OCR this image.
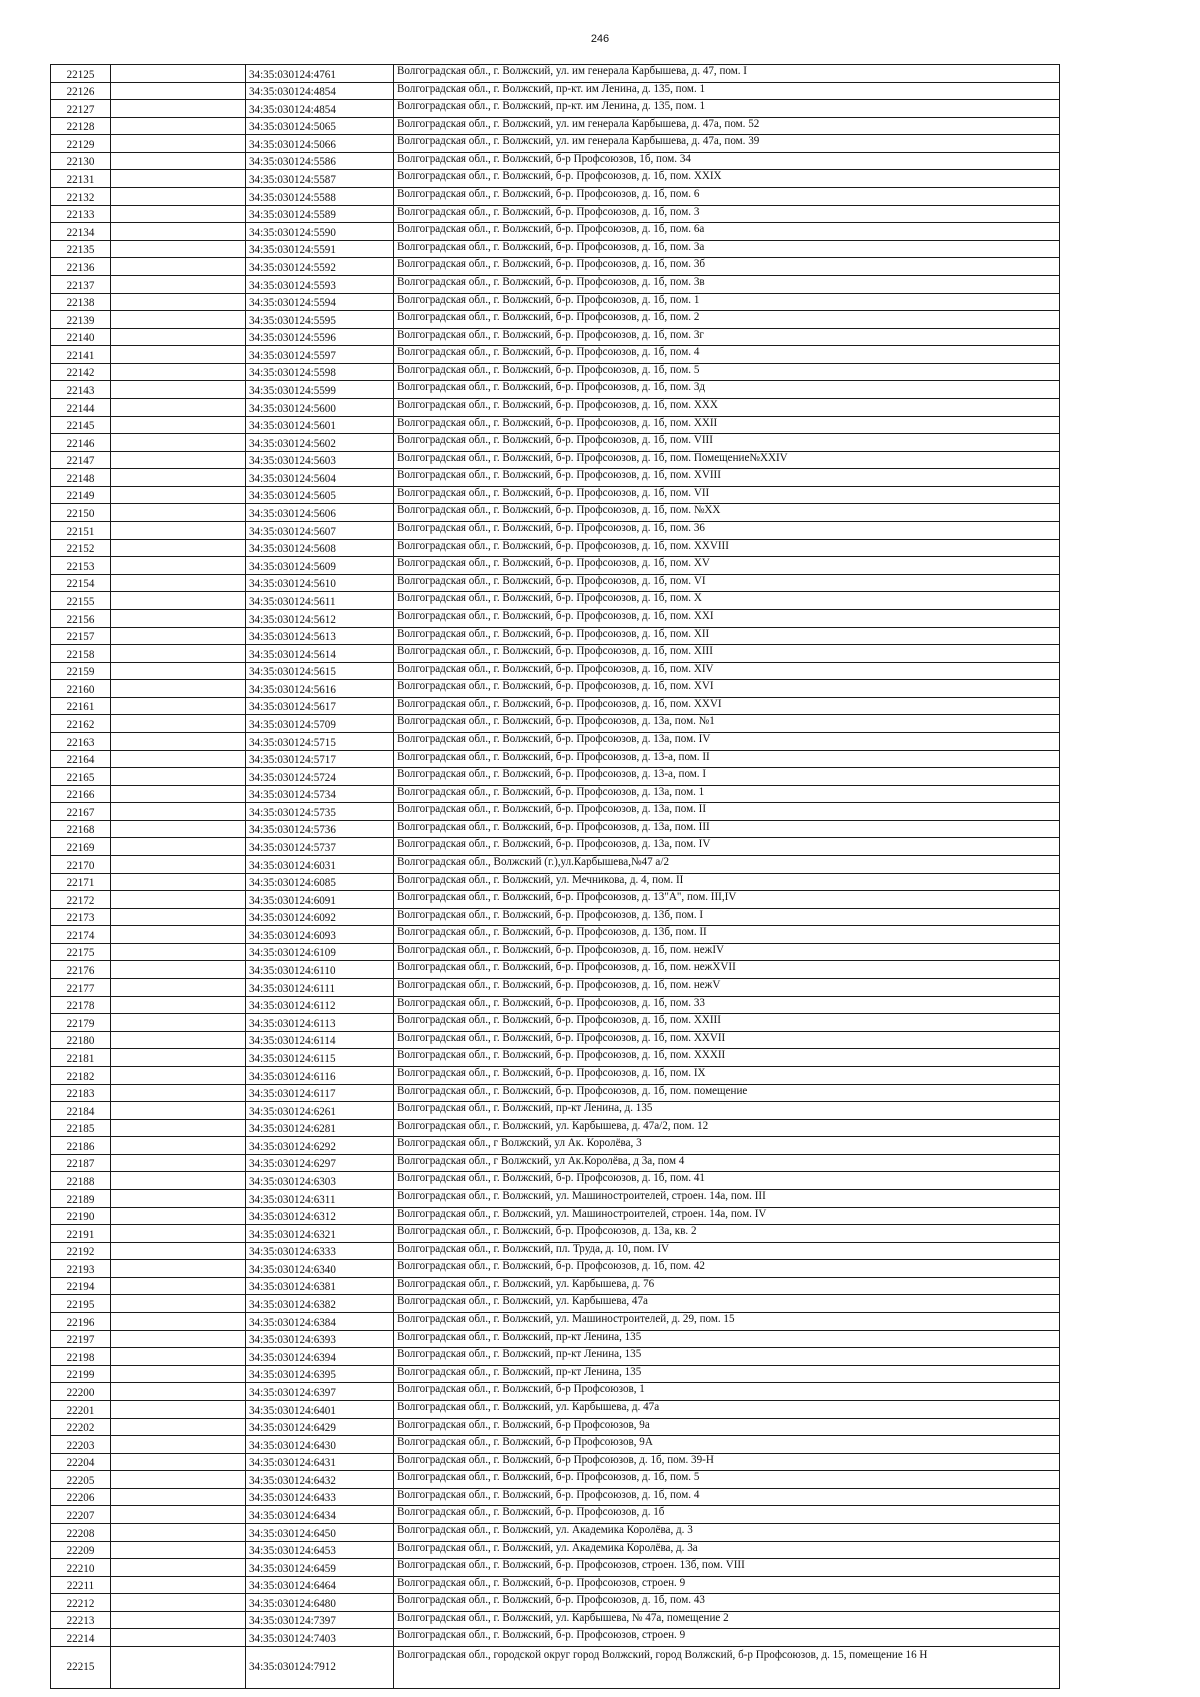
246
22125		34:35:030124:4761	Волгоградская обл., г. Волжский, ул. им генерала Карбышева, д. 47, пом. I
22126		34:35:030124:4854	Волгоградская обл., г. Волжский, пр-кт. им Ленина, д. 135, пом. 1
22127		34:35:030124:4854	Волгоградская обл., г. Волжский, пр-кт. им Ленина, д. 135, пом. 1
22128		34:35:030124:5065	Волгоградская обл., г. Волжский, ул. им генерала Карбышева, д. 47а, пом. 52
22129		34:35:030124:5066	Волгоградская обл., г. Волжский, ул. им генерала Карбышева, д. 47а, пом. 39
22130		34:35:030124:5586	Волгоградская обл., г. Волжский, б-р Профсоюзов, 1б, пом. 34
22131		34:35:030124:5587	Волгоградская обл., г. Волжский, б-р. Профсоюзов, д. 1б, пом. XXIX
22132		34:35:030124:5588	Волгоградская обл., г. Волжский, б-р. Профсоюзов, д. 1б, пом. 6
22133		34:35:030124:5589	Волгоградская обл., г. Волжский, б-р. Профсоюзов, д. 1б, пом. 3
22134		34:35:030124:5590	Волгоградская обл., г. Волжский, б-р. Профсоюзов, д. 1б, пом. 6а
22135		34:35:030124:5591	Волгоградская обл., г. Волжский, б-р. Профсоюзов, д. 1б, пом. 3а
22136		34:35:030124:5592	Волгоградская обл., г. Волжский, б-р. Профсоюзов, д. 1б, пом. 3б
22137		34:35:030124:5593	Волгоградская обл., г. Волжский, б-р. Профсоюзов, д. 1б, пом. 3в
22138		34:35:030124:5594	Волгоградская обл., г. Волжский, б-р. Профсоюзов, д. 1б, пом. 1
22139		34:35:030124:5595	Волгоградская обл., г. Волжский, б-р. Профсоюзов, д. 1б, пом. 2
22140		34:35:030124:5596	Волгоградская обл., г. Волжский, б-р. Профсоюзов, д. 1б, пом. 3г
22141		34:35:030124:5597	Волгоградская обл., г. Волжский, б-р. Профсоюзов, д. 1б, пом. 4
22142		34:35:030124:5598	Волгоградская обл., г. Волжский, б-р. Профсоюзов, д. 1б, пом. 5
22143		34:35:030124:5599	Волгоградская обл., г. Волжский, б-р. Профсоюзов, д. 1б, пом. 3д
22144		34:35:030124:5600	Волгоградская обл., г. Волжский, б-р. Профсоюзов, д. 1б, пом. XXX
22145		34:35:030124:5601	Волгоградская обл., г. Волжский, б-р. Профсоюзов, д. 1б, пом. XXII
22146		34:35:030124:5602	Волгоградская обл., г. Волжский, б-р. Профсоюзов, д. 1б, пом. VIII
22147		34:35:030124:5603	Волгоградская обл., г. Волжский, б-р. Профсоюзов, д. 1б, пом. Помещение№XXIV
22148		34:35:030124:5604	Волгоградская обл., г. Волжский, б-р. Профсоюзов, д. 1б, пом. XVIII
22149		34:35:030124:5605	Волгоградская обл., г. Волжский, б-р. Профсоюзов, д. 1б, пом. VII
22150		34:35:030124:5606	Волгоградская обл., г. Волжский, б-р. Профсоюзов, д. 1б, пом. №XX
22151		34:35:030124:5607	Волгоградская обл., г. Волжский, б-р. Профсоюзов, д. 1б, пом. 36
22152		34:35:030124:5608	Волгоградская обл., г. Волжский, б-р. Профсоюзов, д. 1б, пом. XXVIII
22153		34:35:030124:5609	Волгоградская обл., г. Волжский, б-р. Профсоюзов, д. 1б, пом. XV
22154		34:35:030124:5610	Волгоградская обл., г. Волжский, б-р. Профсоюзов, д. 1б, пом. VI
22155		34:35:030124:5611	Волгоградская обл., г. Волжский, б-р. Профсоюзов, д. 1б, пом. X
22156		34:35:030124:5612	Волгоградская обл., г. Волжский, б-р. Профсоюзов, д. 1б, пом. XXI
22157		34:35:030124:5613	Волгоградская обл., г. Волжский, б-р. Профсоюзов, д. 1б, пом. XII
22158		34:35:030124:5614	Волгоградская обл., г. Волжский, б-р. Профсоюзов, д. 1б, пом. XIII
22159		34:35:030124:5615	Волгоградская обл., г. Волжский, б-р. Профсоюзов, д. 1б, пом. XIV
22160		34:35:030124:5616	Волгоградская обл., г. Волжский, б-р. Профсоюзов, д. 1б, пом. XVI
22161		34:35:030124:5617	Волгоградская обл., г. Волжский, б-р. Профсоюзов, д. 1б, пом. XXVI
22162		34:35:030124:5709	Волгоградская обл., г. Волжский, б-р. Профсоюзов, д. 13а, пом. №1
22163		34:35:030124:5715	Волгоградская обл., г. Волжский, б-р. Профсоюзов, д. 13а, пом. IV
22164		34:35:030124:5717	Волгоградская обл., г. Волжский, б-р. Профсоюзов, д. 13-а, пом. II
22165		34:35:030124:5724	Волгоградская обл., г. Волжский, б-р. Профсоюзов, д. 13-а, пом. I
22166		34:35:030124:5734	Волгоградская обл., г. Волжский, б-р. Профсоюзов, д. 13а, пом. 1
22167		34:35:030124:5735	Волгоградская обл., г. Волжский, б-р. Профсоюзов, д. 13а, пом. II
22168		34:35:030124:5736	Волгоградская обл., г. Волжский, б-р. Профсоюзов, д. 13а, пом. III
22169		34:35:030124:5737	Волгоградская обл., г. Волжский, б-р. Профсоюзов, д. 13а, пом. IV
22170		34:35:030124:6031	Волгоградская обл., Волжский (г.),ул.Карбышева,№47 а/2
22171		34:35:030124:6085	Волгоградская обл., г. Волжский, ул. Мечникова, д. 4, пом. II
22172		34:35:030124:6091	Волгоградская обл., г. Волжский, б-р. Профсоюзов, д. 13"А", пом. III,IV
22173		34:35:030124:6092	Волгоградская обл., г. Волжский, б-р. Профсоюзов, д. 13б, пом. I
22174		34:35:030124:6093	Волгоградская обл., г. Волжский, б-р. Профсоюзов, д. 13б, пом. II
22175		34:35:030124:6109	Волгоградская обл., г. Волжский, б-р. Профсоюзов, д. 1б, пом. нежIV
22176		34:35:030124:6110	Волгоградская обл., г. Волжский, б-р. Профсоюзов, д. 1б, пом. нежXVII
22177		34:35:030124:6111	Волгоградская обл., г. Волжский, б-р. Профсоюзов, д. 1б, пом. нежV
22178		34:35:030124:6112	Волгоградская обл., г. Волжский, б-р. Профсоюзов, д. 1б, пом. 33
22179		34:35:030124:6113	Волгоградская обл., г. Волжский, б-р. Профсоюзов, д. 1б, пом. XXIII
22180		34:35:030124:6114	Волгоградская обл., г. Волжский, б-р. Профсоюзов, д. 1б, пом. XXVII
22181		34:35:030124:6115	Волгоградская обл., г. Волжский, б-р. Профсоюзов, д. 1б, пом. XXXII
22182		34:35:030124:6116	Волгоградская обл., г. Волжский, б-р. Профсоюзов, д. 1б, пом. IX
22183		34:35:030124:6117	Волгоградская обл., г. Волжский, б-р. Профсоюзов, д. 1б, пом. помещение
22184		34:35:030124:6261	Волгоградская обл., г. Волжский, пр-кт Ленина, д. 135
22185		34:35:030124:6281	Волгоградская обл., г. Волжский, ул. Карбышева, д. 47а/2, пом. 12
22186		34:35:030124:6292	Волгоградская обл., г Волжский, ул Ак. Королёва, 3
22187		34:35:030124:6297	Волгоградская обл., г Волжский, ул Ак.Королёва, д 3а, пом 4
22188		34:35:030124:6303	Волгоградская обл., г. Волжский, б-р. Профсоюзов, д. 1б, пом. 41
22189		34:35:030124:6311	Волгоградская обл., г. Волжский, ул. Машиностроителей, строен. 14а, пом. III
22190		34:35:030124:6312	Волгоградская обл., г. Волжский, ул. Машиностроителей, строен. 14а, пом. IV
22191		34:35:030124:6321	Волгоградская обл., г. Волжский, б-р. Профсоюзов, д. 13а, кв. 2
22192		34:35:030124:6333	Волгоградская обл., г. Волжский, пл. Труда, д. 10, пом. IV
22193		34:35:030124:6340	Волгоградская обл., г. Волжский, б-р. Профсоюзов, д. 1б, пом. 42
22194		34:35:030124:6381	Волгоградская обл., г. Волжский, ул. Карбышева, д. 76
22195		34:35:030124:6382	Волгоградская обл., г. Волжский, ул. Карбышева, 47а
22196		34:35:030124:6384	Волгоградская обл., г. Волжский, ул. Машиностроителей, д. 29, пом. 15
22197		34:35:030124:6393	Волгоградская обл., г. Волжский, пр-кт Ленина, 135
22198		34:35:030124:6394	Волгоградская обл., г. Волжский, пр-кт Ленина, 135
22199		34:35:030124:6395	Волгоградская обл., г. Волжский, пр-кт Ленина, 135
22200		34:35:030124:6397	Волгоградская обл., г. Волжский, б-р Профсоюзов, 1
22201		34:35:030124:6401	Волгоградская обл., г. Волжский, ул. Карбышева, д. 47а
22202		34:35:030124:6429	Волгоградская обл., г. Волжский, б-р Профсоюзов, 9а
22203		34:35:030124:6430	Волгоградская обл., г. Волжский, б-р Профсоюзов, 9А
22204		34:35:030124:6431	Волгоградская обл., г. Волжский, б-р Профсоюзов, д. 1б, пом. 39-Н
22205		34:35:030124:6432	Волгоградская обл., г. Волжский, б-р. Профсоюзов, д. 1б, пом. 5
22206		34:35:030124:6433	Волгоградская обл., г. Волжский, б-р. Профсоюзов, д. 1б, пом. 4
22207		34:35:030124:6434	Волгоградская обл., г. Волжский, б-р. Профсоюзов, д. 1б
22208		34:35:030124:6450	Волгоградская обл., г. Волжский, ул. Академика Королёва, д. 3
22209		34:35:030124:6453	Волгоградская обл., г. Волжский, ул. Академика Королёва, д. 3а
22210		34:35:030124:6459	Волгоградская обл., г. Волжский, б-р. Профсоюзов, строен. 13б, пом. VIII
22211		34:35:030124:6464	Волгоградская обл., г. Волжский, б-р. Профсоюзов, строен. 9
22212		34:35:030124:6480	Волгоградская обл., г. Волжский, б-р. Профсоюзов, д. 1б, пом. 43
22213		34:35:030124:7397	Волгоградская обл., г. Волжский, ул. Карбышева, № 47а, помещение 2
22214		34:35:030124:7403	Волгоградская обл., г. Волжский, б-р. Профсоюзов, строен. 9
22215		34:35:030124:7912	Волгоградская обл., городской округ город Волжский, город Волжский, б-р Профсоюзов, д. 15, помещение 16 Н
